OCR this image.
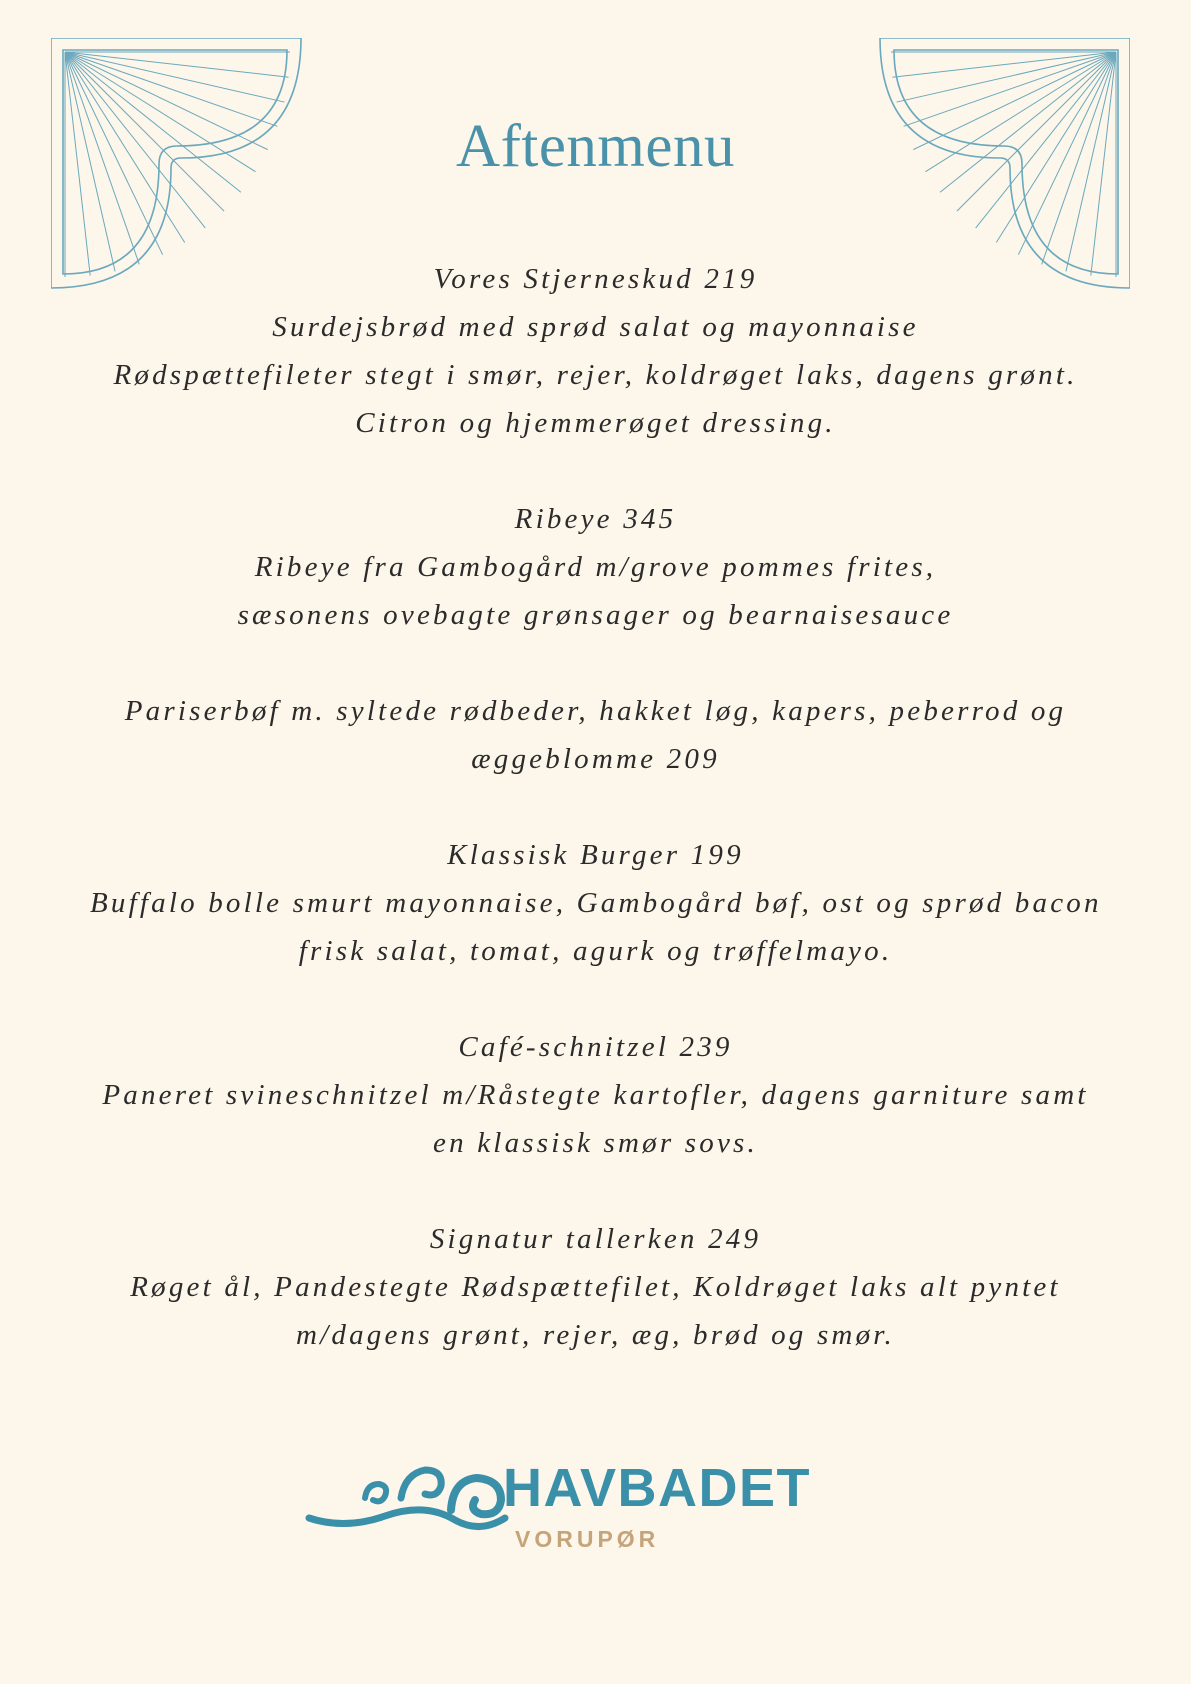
Aftenmenu
Vores Stjerneskud 219
Surdejsbrød med sprød salat og mayonnaise
Rødspættefileter stegt i smør, rejer, koldrøget laks, dagens grønt.
Citron og hjemmerøget dressing.
Ribeye 345
Ribeye fra Gambogård m/grove pommes frites,
sæsonens ovebagte grønsager og bearnaisesauce
Pariserbøf m. syltede rødbeder, hakket løg, kapers, peberrod og
æggeblomme 209
Klassisk Burger 199
Buffalo bolle smurt mayonnaise, Gambogård bøf, ost og sprød bacon
frisk salat, tomat, agurk og trøffelmayo.
Café-schnitzel 239
Paneret svineschnitzel m/Råstegte kartofler, dagens garniture samt
en klassisk smør sovs.
Signatur tallerken 249
Røget ål, Pandestegte Rødspættefilet, Koldrøget laks alt pyntet
m/dagens grønt, rejer, æg, brød og smør.
HAVBADET
VORUPØR
